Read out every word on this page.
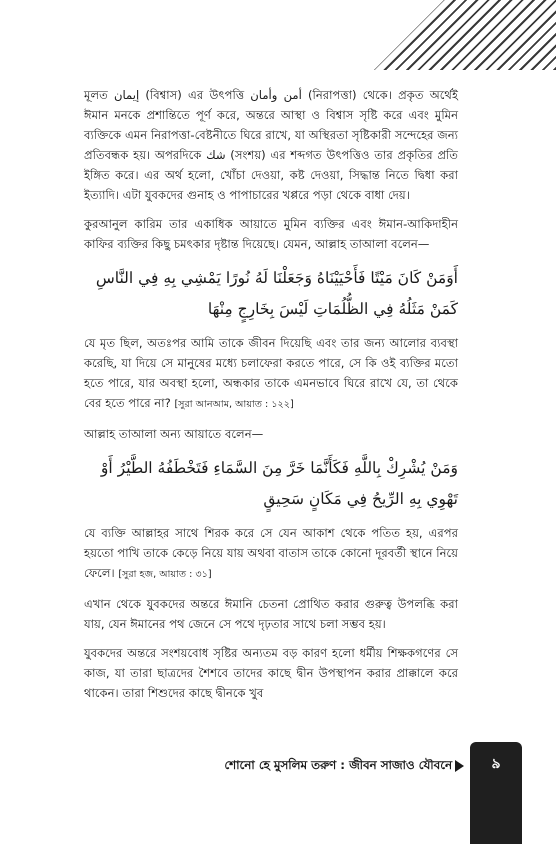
মূলত إيمان (বিশ্বাস) এর উৎপত্তি أمن وأمان (নিরাপত্তা) থেকে। প্রকৃত অর্থেই ঈমান মনকে প্রশান্তিতে পূর্ণ করে, অন্তরে আস্থা ও বিশ্বাস সৃষ্টি করে এবং মুমিন ব্যক্তিকে এমন নিরাপত্তা-বেষ্টনীতে ঘিরে রাখে, যা অস্থিরতা সৃষ্টিকারী সন্দেহের জন্য প্রতিবন্ধক হয়। অপরদিকে شك (সংশয়) এর শব্দগত উৎপত্তিও তার প্রকৃতির প্রতি ইঙ্গিত করে। এর অর্থ হলো, খোঁচা দেওয়া, কষ্ট দেওয়া, সিদ্ধান্ত নিতে দ্বিধা করা ইত্যাদি। এটা যুবকদের গুনাহ ও পাপাচারের খপ্পরে পড়া থেকে বাধা দেয়।

কুরআনুল কারিম তার একাধিক আয়াতে মুমিন ব্যক্তির এবং ঈমান-আকিদাহীন কাফির ব্যক্তির কিছু চমৎকার দৃষ্টান্ত দিয়েছে। যেমন, আল্লাহ তাআলা বলেন—

أَوَمَنْ كَانَ مَيْتًا فَأَحْيَيْنَاهُ وَجَعَلْنَا لَهُ نُورًا يَمْشِي بِهِ فِي النَّاسِ كَمَنْ مَثَلُهُ فِي الظُّلُمَاتِ لَيْسَ بِخَارِجٍ مِنْهَا

যে মৃত ছিল, অতঃপর আমি তাকে জীবন দিয়েছি এবং তার জন্য আলোর ব্যবস্থা করেছি, যা দিয়ে সে মানুষের মধ্যে চলাফেরা করতে পারে, সে কি ওই ব্যক্তির মতো হতে পারে, যার অবস্থা হলো, অন্ধকার তাকে এমনভাবে ঘিরে রাখে যে, তা থেকে বের হতে পারে না? [সুরা আনআম, আয়াত : ১২২]

আল্লাহ তাআলা অন্য আয়াতে বলেন—

وَمَنْ يُشْرِكْ بِاللَّهِ فَكَأَنَّمَا خَرَّ مِنَ السَّمَاءِ فَتَخْطَفُهُ الطَّيْرُ أَوْ تَهْوِي بِهِ الرِّيحُ فِي مَكَانٍ سَحِيقٍ

যে ব্যক্তি আল্লাহর সাথে শিরক করে সে যেন আকাশ থেকে পতিত হয়, এরপর হয়তো পাখি তাকে কেড়ে নিয়ে যায় অথবা বাতাস তাকে কোনো দূরবর্তী স্থানে নিয়ে ফেলে। [সুরা হজ, আয়াত : ৩১]

এখান থেকে যুবকদের অন্তরে ঈমানি চেতনা প্রোথিত করার গুরুত্ব উপলব্ধি করা যায়, যেন ঈমানের পথ জেনে সে পথে দৃঢ়তার সাথে চলা সম্ভব হয়।

যুবকদের অন্তরে সংশয়বোধ সৃষ্টির অন্যতম বড় কারণ হলো ধর্মীয় শিক্ষকগণের সে কাজ, যা তারা ছাত্রদের শৈশবে তাদের কাছে দ্বীন উপস্থাপন করার প্রাক্কালে করে থাকেন। তারা শিশুদের কাছে দ্বীনকে খুব

শোনো হে মুসলিম তরুণ : জীবন সাজাও যৌবনে	৯
